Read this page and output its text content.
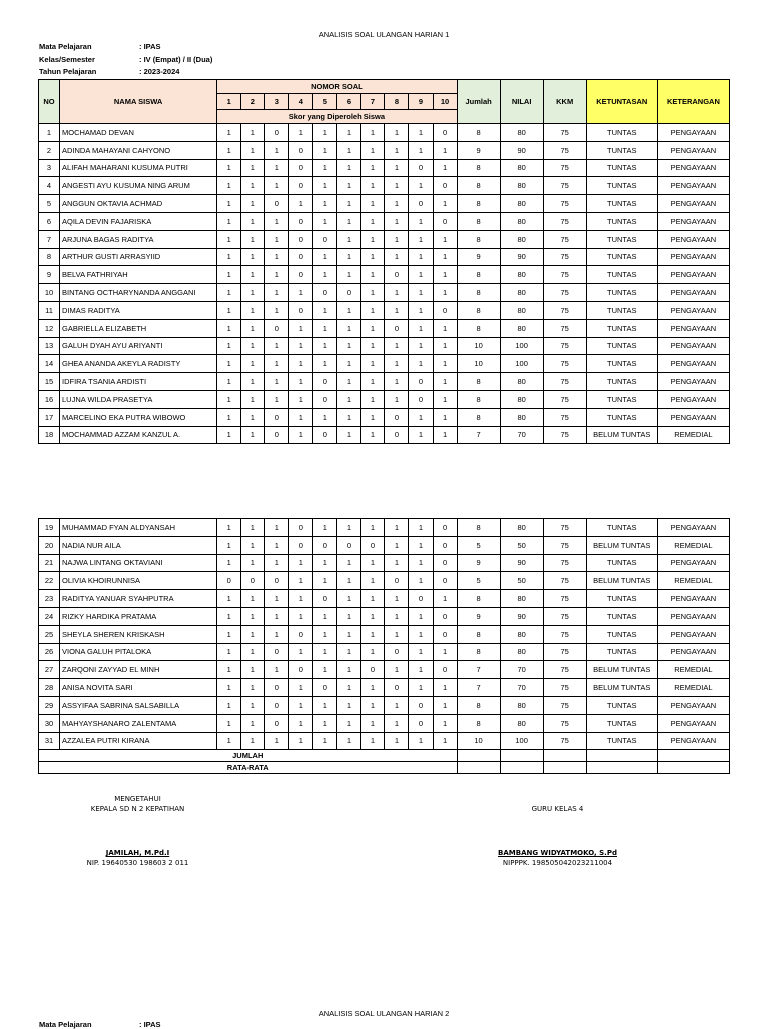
ANALISIS SOAL ULANGAN HARIAN 1
Mata Pelajaran	: IPAS
Kelas/Semester	: IV (Empat) / II (Dua)
Tahun Pelajaran	: 2023-2024
NO	NAMA SISWA	NOMOR SOAL										Jumlah	NILAI	KKM	KETUNTASAN	KETERANGAN
		1	2	3	4	5	6	7	8	9	10					
		Skor yang Diperoleh Siswa														
1	MOCHAMAD DEVAN	1	1	0	1	1	1	1	1	1	0	8	80	75	TUNTAS	PENGAYAAN
2	ADINDA MAHAYANI CAHYONO	1	1	1	0	1	1	1	1	1	1	9	90	75	TUNTAS	PENGAYAAN
3	ALIFAH MAHARANI KUSUMA PUTRI	1	1	1	0	1	1	1	1	0	1	8	80	75	TUNTAS	PENGAYAAN
4	ANGESTI AYU KUSUMA NING ARUM	1	1	1	0	1	1	1	1	1	0	8	80	75	TUNTAS	PENGAYAAN
5	ANGGUN OKTAVIA ACHMAD	1	1	0	1	1	1	1	1	0	1	8	80	75	TUNTAS	PENGAYAAN
6	AQILA DEVIN FAJARISKA	1	1	1	0	1	1	1	1	1	0	8	80	75	TUNTAS	PENGAYAAN
7	ARJUNA BAGAS RADITYA	1	1	1	0	0	1	1	1	1	1	8	80	75	TUNTAS	PENGAYAAN
8	ARTHUR GUSTI ARRASYIID	1	1	1	0	1	1	1	1	1	1	9	90	75	TUNTAS	PENGAYAAN
9	BELVA FATHRIYAH	1	1	1	0	1	1	1	0	1	1	8	80	75	TUNTAS	PENGAYAAN
10	BINTANG OCTHARYNANDA ANGGANI	1	1	1	1	0	0	1	1	1	1	8	80	75	TUNTAS	PENGAYAAN
11	DIMAS RADITYA	1	1	1	0	1	1	1	1	1	0	8	80	75	TUNTAS	PENGAYAAN
12	GABRIELLA ELIZABETH	1	1	0	1	1	1	1	0	1	1	8	80	75	TUNTAS	PENGAYAAN
13	GALUH DYAH AYU ARIYANTI	1	1	1	1	1	1	1	1	1	1	10	100	75	TUNTAS	PENGAYAAN
14	GHEA ANANDA AKEYLA RADISTY	1	1	1	1	1	1	1	1	1	1	10	100	75	TUNTAS	PENGAYAAN
15	IDFIRA TSANIA ARDISTI	1	1	1	1	0	1	1	1	0	1	8	80	75	TUNTAS	PENGAYAAN
16	LUJNA WILDA PRASETYA	1	1	1	1	0	1	1	1	0	1	8	80	75	TUNTAS	PENGAYAAN
17	MARCELINO EKA PUTRA WIBOWO	1	1	0	1	1	1	1	0	1	1	8	80	75	TUNTAS	PENGAYAAN
18	MOCHAMMAD AZZAM KANZUL A.	1	1	0	1	0	1	1	0	1	1	7	70	75	BELUM TUNTAS	REMEDIAL
19	MUHAMMAD FYAN ALDYANSAH	1	1	1	0	1	1	1	1	1	0	8	80	75	TUNTAS	PENGAYAAN
20	NADIA NUR AILA	1	1	1	0	0	0	0	1	1	0	5	50	75	BELUM TUNTAS	REMEDIAL
21	NAJWA LINTANG OKTAVIANI	1	1	1	1	1	1	1	1	1	0	9	90	75	TUNTAS	PENGAYAAN
22	OLIVIA KHOIRUNNISA	0	0	0	1	1	1	1	0	1	0	5	50	75	BELUM TUNTAS	REMEDIAL
23	RADITYA YANUAR SYAHPUTRA	1	1	1	1	0	1	1	1	0	1	8	80	75	TUNTAS	PENGAYAAN
24	RIZKY HARDIKA PRATAMA	1	1	1	1	1	1	1	1	1	0	9	90	75	TUNTAS	PENGAYAAN
25	SHEYLA SHEREN KRISKASH	1	1	1	0	1	1	1	1	1	0	8	80	75	TUNTAS	PENGAYAAN
26	VIONA GALUH PITALOKA	1	1	0	1	1	1	1	0	1	1	8	80	75	TUNTAS	PENGAYAAN
27	ZARQONI ZAYYAD EL MINH	1	1	1	0	1	1	0	1	1	0	7	70	75	BELUM TUNTAS	REMEDIAL
28	ANISA NOVITA SARI	1	1	0	1	0	1	1	0	1	1	7	70	75	BELUM TUNTAS	REMEDIAL
29	ASSYIFAA SABRINA SALSABILLA	1	1	0	1	1	1	1	1	0	1	8	80	75	TUNTAS	PENGAYAAN
30	MAHYAYSHANARO ZALENTAMA	1	1	0	1	1	1	1	1	0	1	8	80	75	TUNTAS	PENGAYAAN
31	AZZALEA PUTRI KIRANA	1	1	1	1	1	1	1	1	1	1	10	100	75	TUNTAS	PENGAYAAN
JUMLAH																
RATA-RATA																
MENGETAHUI
KEPALA SD N 2 KEPATIHAN	GURU KELAS 4
JAMILAH, M.Pd.I
NIP. 19640530 198603 2 011
BAMBANG WIDYATMOKO, S.Pd
NIPPPK. 198505042023211004
ANALISIS SOAL ULANGAN HARIAN 2
Mata Pelajaran	: IPAS
